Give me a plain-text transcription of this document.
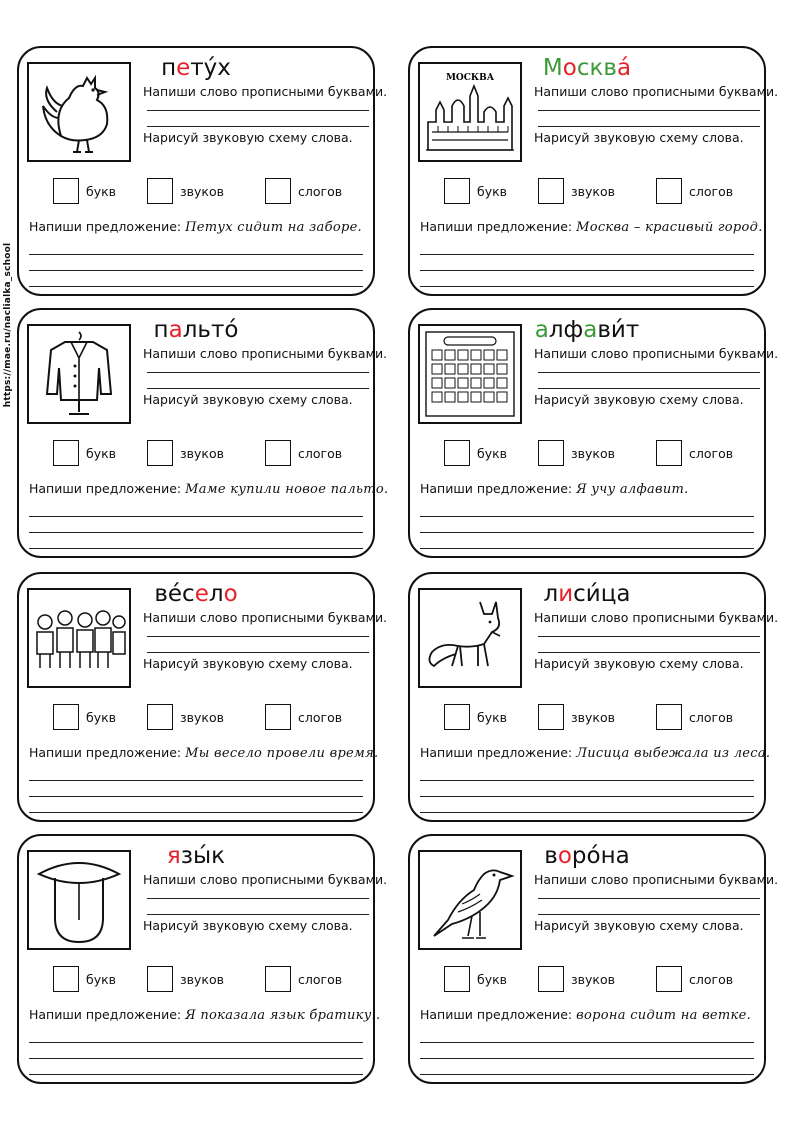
https://mae.ru/naclialka_school
пету́х
Напиши слово прописными буквами.
Нарисуй звуковую схему слова.
букв	звуков	слогов
Напиши предложение: Петух сидит на заборе.
Москва́
МОСКВА
Напиши слово прописными буквами.
Нарисуй звуковую схему слова.
букв	звуков	слогов
Напиши предложение: Москва – красивый город.
пальто́
Напиши слово прописными буквами.
Нарисуй звуковую схему слова.
букв	звуков	слогов
Напиши предложение: Маме купили новое пальто.
алфави́т
Напиши слово прописными буквами.
Нарисуй звуковую схему слова.
букв	звуков	слогов
Напиши предложение: Я учу алфавит.
ве́село
Напиши слово прописными буквами.
Нарисуй звуковую схему слова.
букв	звуков	слогов
Напиши предложение: Мы весело провели время.
лиси́ца
Напиши слово прописными буквами.
Нарисуй звуковую схему слова.
букв	звуков	слогов
Напиши предложение: Лисица выбежала из леса.
язы́к
Напиши слово прописными буквами.
Нарисуй звуковую схему слова.
букв	звуков	слогов
Напиши предложение: Я показала язык братику..
воро́на
Напиши слово прописными буквами.
Нарисуй звуковую схему слова.
букв	звуков	слогов
Напиши предложение: ворона сидит на ветке.
